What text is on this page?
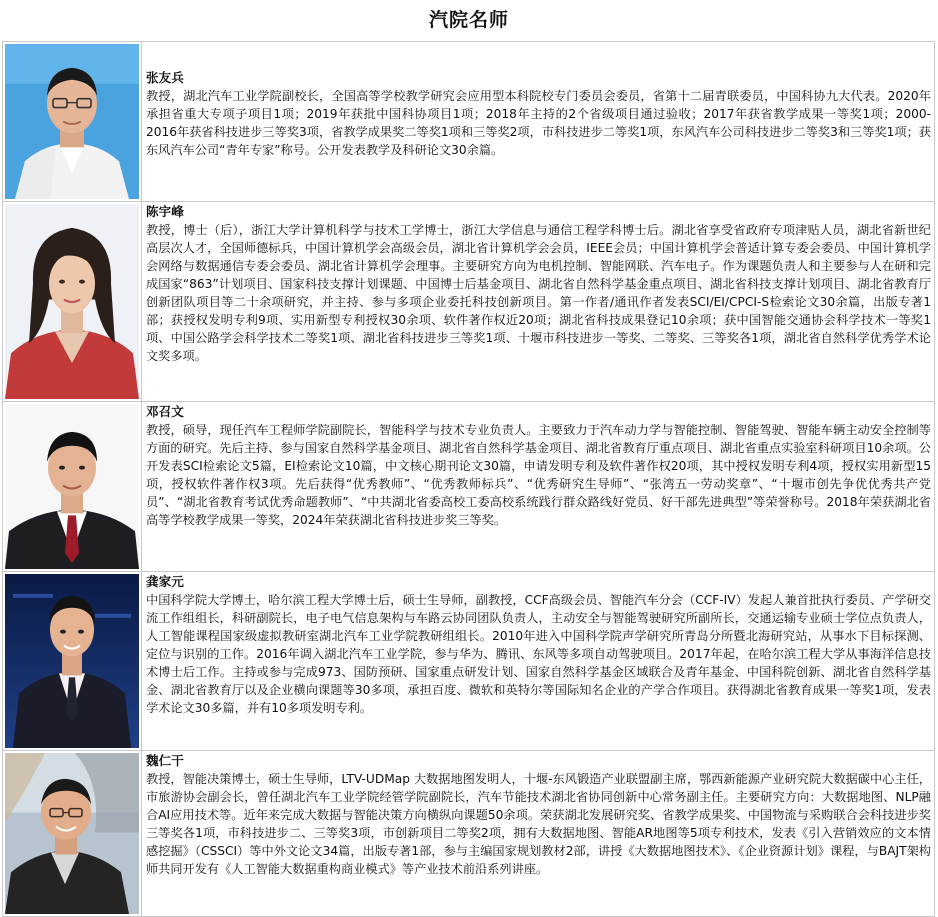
汽院名师
张友兵
教授，湖北汽车工业学院副校长，全国高等学校教学研究会应用型本科院校专门委员会委员，省第十二届青联委员，中国科协九大代表。2020年承担省重大专项子项目1项；2019年获批中国科协项目1项；2018年主持的2个省级项目通过验收；2017年获省教学成果一等奖1项；2000-2016年获省科技进步三等奖3项，省教学成果奖二等奖1项和三等奖2项，市科技进步二等奖1项，东风汽车公司科技进步二等奖3和三等奖1项；获东风汽车公司“青年专家”称号。公开发表教学及科研论文30余篇。
陈宇峰
教授，博士（后），浙江大学计算机科学与技术工学博士，浙江大学信息与通信工程学科博士后。湖北省享受省政府专项津贴人员，湖北省新世纪高层次人才，全国师德标兵，中国计算机学会高级会员，湖北省计算机学会会员，IEEE会员；中国计算机学会普适计算专委会委员、中国计算机学会网络与数据通信专委会委员、湖北省计算机学会理事。主要研究方向为电机控制、智能网联、汽车电子。作为课题负责人和主要参与人在研和完成国家“863”计划项目、国家科技支撑计划课题、中国博士后基金项目、湖北省自然科学基金重点项目、湖北省科技支撑计划项目、湖北省教育厅创新团队项目等二十余项研究，并主持、参与多项企业委托科技创新项目。第一作者/通讯作者发表SCI/EI/CPCI-S检索论文30余篇，出版专著1部；获授权发明专利9项、实用新型专利授权30余项、软件著作权近20项；湖北省科技成果登记10余项；获中国智能交通协会科学技术一等奖1项、中国公路学会科学技术二等奖1项、湖北省科技进步三等奖1项、十堰市科技进步一等奖、二等奖、三等奖各1项，湖北省自然科学优秀学术论文奖多项。
邓召文
教授，硕导，现任汽车工程师学院副院长，智能科学与技术专业负责人。主要致力于汽车动力学与智能控制、智能驾驶、智能车辆主动安全控制等方面的研究。先后主持、参与国家自然科学基金项目、湖北省自然科学基金项目、湖北省教育厅重点项目、湖北省重点实验室科研项目10余项。公开发表SCI检索论文5篇，EI检索论文10篇，中文核心期刊论文30篇，申请发明专利及软件著作权20项，其中授权发明专利4项，授权实用新型15项，授权软件著作权3项。先后获得“优秀教师”、“优秀教师标兵”、“优秀研究生导师”、“张湾五一劳动奖章”、“十堰市创先争优优秀共产党员”、“湖北省教育考试优秀命题教师”、“中共湖北省委高校工委高校系统践行群众路线好党员、好干部先进典型”等荣誉称号。2018年荣获湖北省高等学校教学成果一等奖，2024年荣获湖北省科技进步奖三等奖。
龚家元
中国科学院大学博士，哈尔滨工程大学博士后，硕士生导师，副教授，CCF高级会员、智能汽车分会（CCF-IV）发起人兼首批执行委员、产学研交流工作组组长，科研副院长，电子电气信息架构与车路云协同团队负责人，主动安全与智能驾驶研究所副所长，交通运输专业硕士学位点负责人，人工智能课程国家级虚拟教研室湖北汽车工业学院教研组组长。2010年进入中国科学院声学研究所青岛分所暨北海研究站，从事水下目标探测、定位与识别的工作。2016年调入湖北汽车工业学院，参与华为、腾讯、东风等多项自动驾驶项目。2017年起，在哈尔滨工程大学从事海洋信息技术博士后工作。主持或参与完成973、国防预研、国家重点研发计划、国家自然科学基金区域联合及青年基金、中国科院创新、湖北省自然科学基金、湖北省教育厅以及企业横向课题等30多项，承担百度、微软和英特尔等国际知名企业的产学合作项目。获得湖北省教育成果一等奖1项，发表学术论文30多篇，并有10多项发明专利。
魏仁干
教授，智能决策博士，硕士生导师，LTV-UDMap 大数据地图发明人，十堰-东风锻造产业联盟副主席，鄂西新能源产业研究院大数据碳中心主任，市旅游协会副会长，曾任湖北汽车工业学院经管学院副院长，汽车节能技术湖北省协同创新中心常务副主任。主要研究方向：大数据地图、NLP融合AI应用技术等。近年来完成大数据与智能决策方向横纵向课题50余项。荣获湖北发展研究奖、省教学成果奖、中国物流与采购联合会科技进步奖三等奖各1项，市科技进步二、三等奖3项，市创新项目二等奖2项，拥有大数据地图、智能AR地图等5项专利技术，发表《引入营销效应的文本情感挖掘》（CSSCI）等中外文论文34篇，出版专著1部，参与主编国家规划教材2部，讲授《大数据地图技术》、《企业资源计划》课程，与BAJT架构师共同开发有《人工智能大数据重构商业模式》等产业技术前沿系列讲座。
